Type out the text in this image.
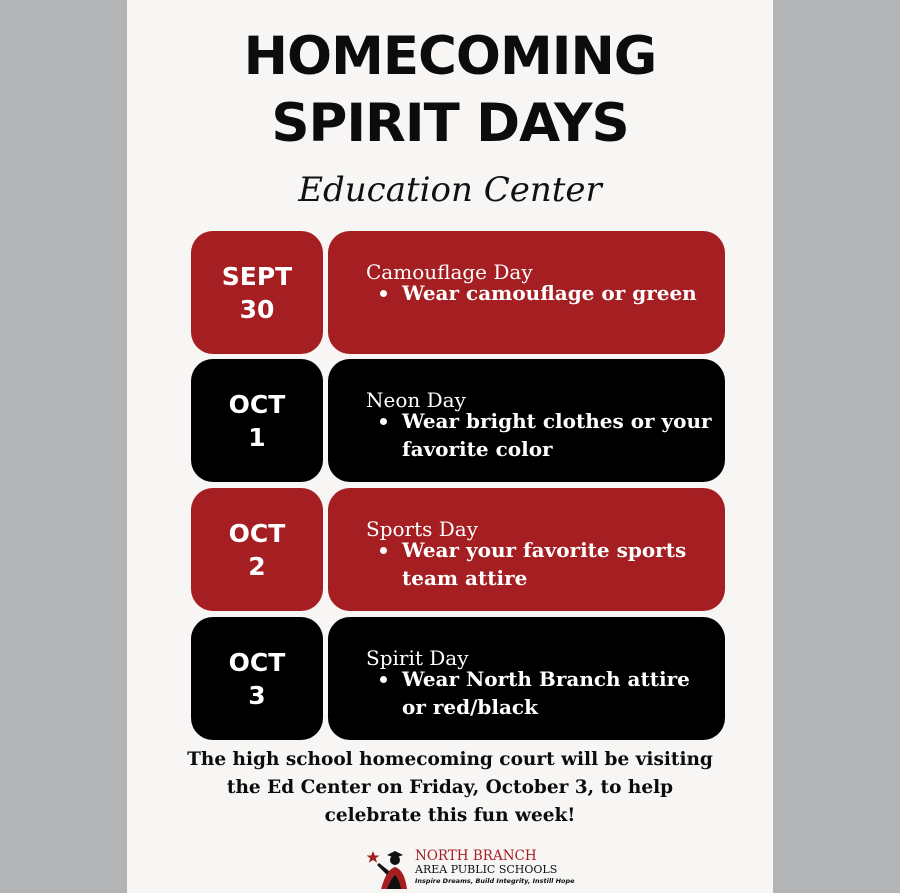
HOMECOMING
SPIRIT DAYS
Education Center
SEPT
30
Camouflage Day
Wear camouflage or green
OCT
1
Neon Day
Wear bright clothes or your favorite color
OCT
2
Sports Day
Wear your favorite sports team attire
OCT
3
Spirit Day
Wear North Branch attire or red/black
The high school homecoming court will be visiting
the Ed Center on Friday, October 3, to help
celebrate this fun week!
NORTH BRANCH
AREA PUBLIC SCHOOLS
Inspire Dreams, Build Integrity, Instill Hope
